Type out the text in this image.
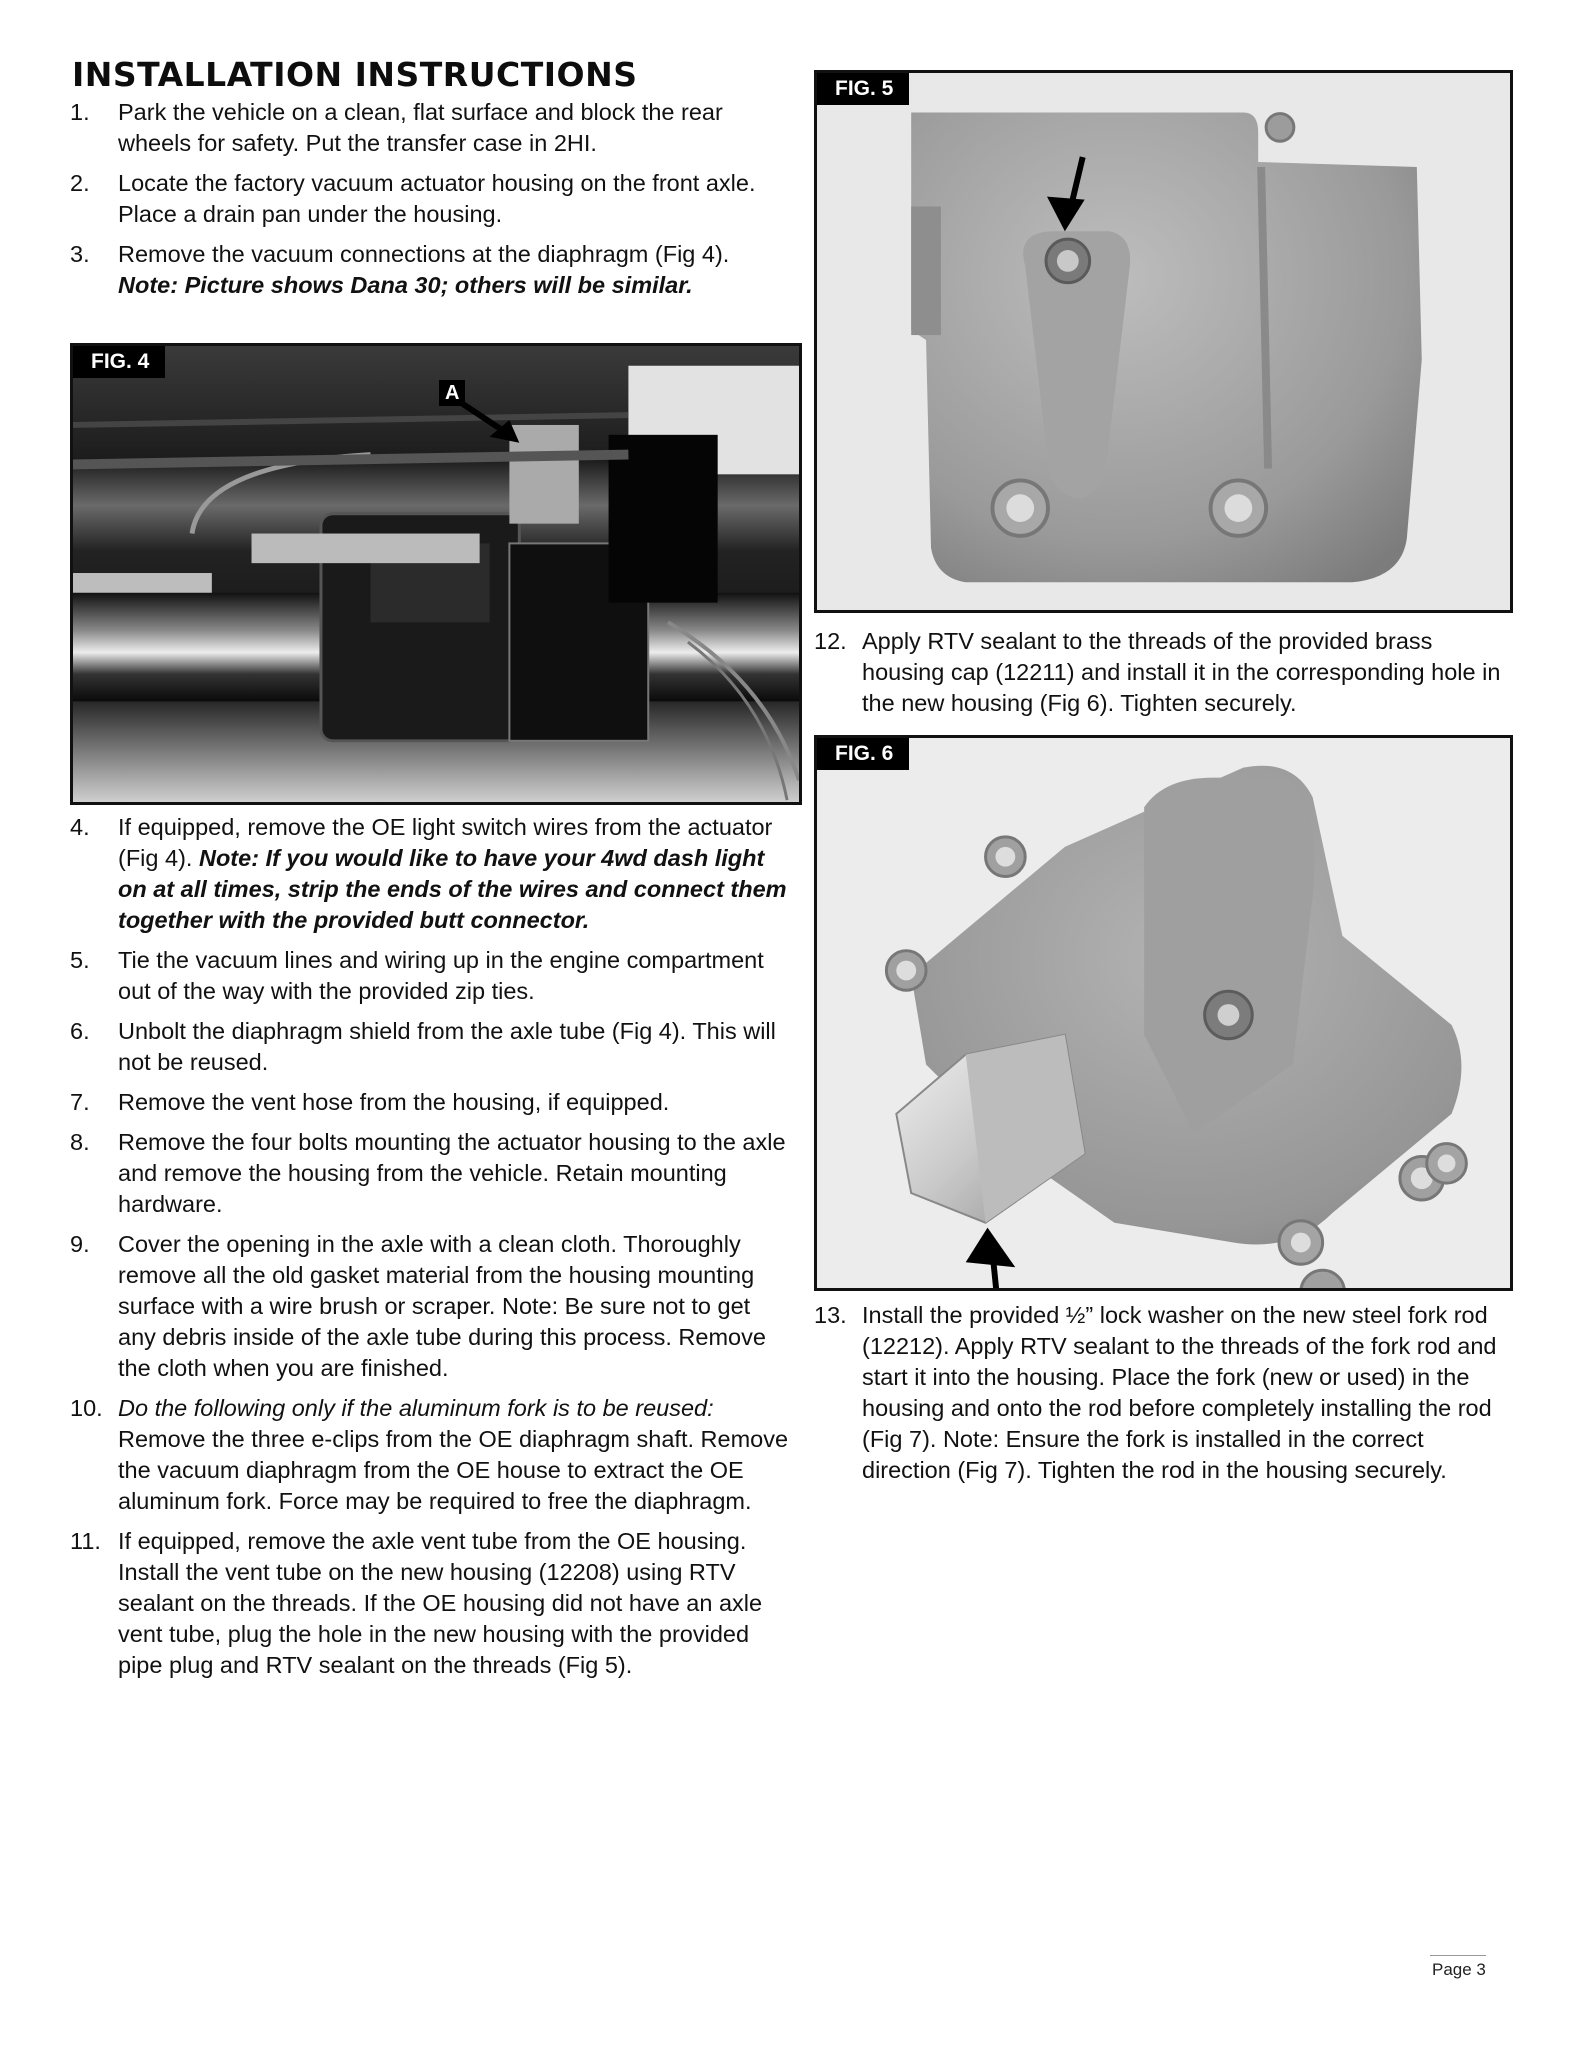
INSTALLATION INSTRUCTIONS
1. Park the vehicle on a clean, flat surface and block the rear wheels for safety. Put the transfer case in 2HI.
2. Locate the factory vacuum actuator housing on the front axle. Place a drain pan under the housing.
3. Remove the vacuum connections at the diaphragm (Fig 4). Note: Picture shows Dana 30; others will be similar.
FIG. 4
A
4. If equipped, remove the OE light switch wires from the actuator (Fig 4). Note: If you would like to have your 4wd dash light on at all times, strip the ends of the wires and connect them together with the provided butt connector.
5. Tie the vacuum lines and wiring up in the engine compartment out of the way with the provided zip ties.
6. Unbolt the diaphragm shield from the axle tube (Fig 4). This will not be reused.
7. Remove the vent hose from the housing, if equipped.
8. Remove the four bolts mounting the actuator housing to the axle and remove the housing from the vehicle. Retain mounting hardware.
9. Cover the opening in the axle with a clean cloth. Thoroughly remove all the old gasket material from the housing mounting surface with a wire brush or scraper. Note: Be sure not to get any debris inside of the axle tube during this process. Remove the cloth when you are finished.
10. Do the following only if the aluminum fork is to be reused: Remove the three e-clips from the OE diaphragm shaft. Remove the vacuum diaphragm from the OE house to extract the OE aluminum fork. Force may be required to free the diaphragm.
11. If equipped, remove the axle vent tube from the OE housing. Install the vent tube on the new housing (12208) using RTV sealant on the threads. If the OE housing did not have an axle vent tube, plug the hole in the new housing with the provided pipe plug and RTV sealant on the threads (Fig 5).
FIG. 5
12. Apply RTV sealant to the threads of the provided brass housing cap (12211) and install it in the corresponding hole in the new housing (Fig 6). Tighten securely.
FIG. 6
13. Install the provided ½” lock washer on the new steel fork rod (12212). Apply RTV sealant to the threads of the fork rod and start it into the housing. Place the fork (new or used) in the housing and onto the rod before completely installing the rod (Fig 7). Note: Ensure the fork is installed in the correct direction (Fig 7). Tighten the rod in the housing securely.
Page 3
